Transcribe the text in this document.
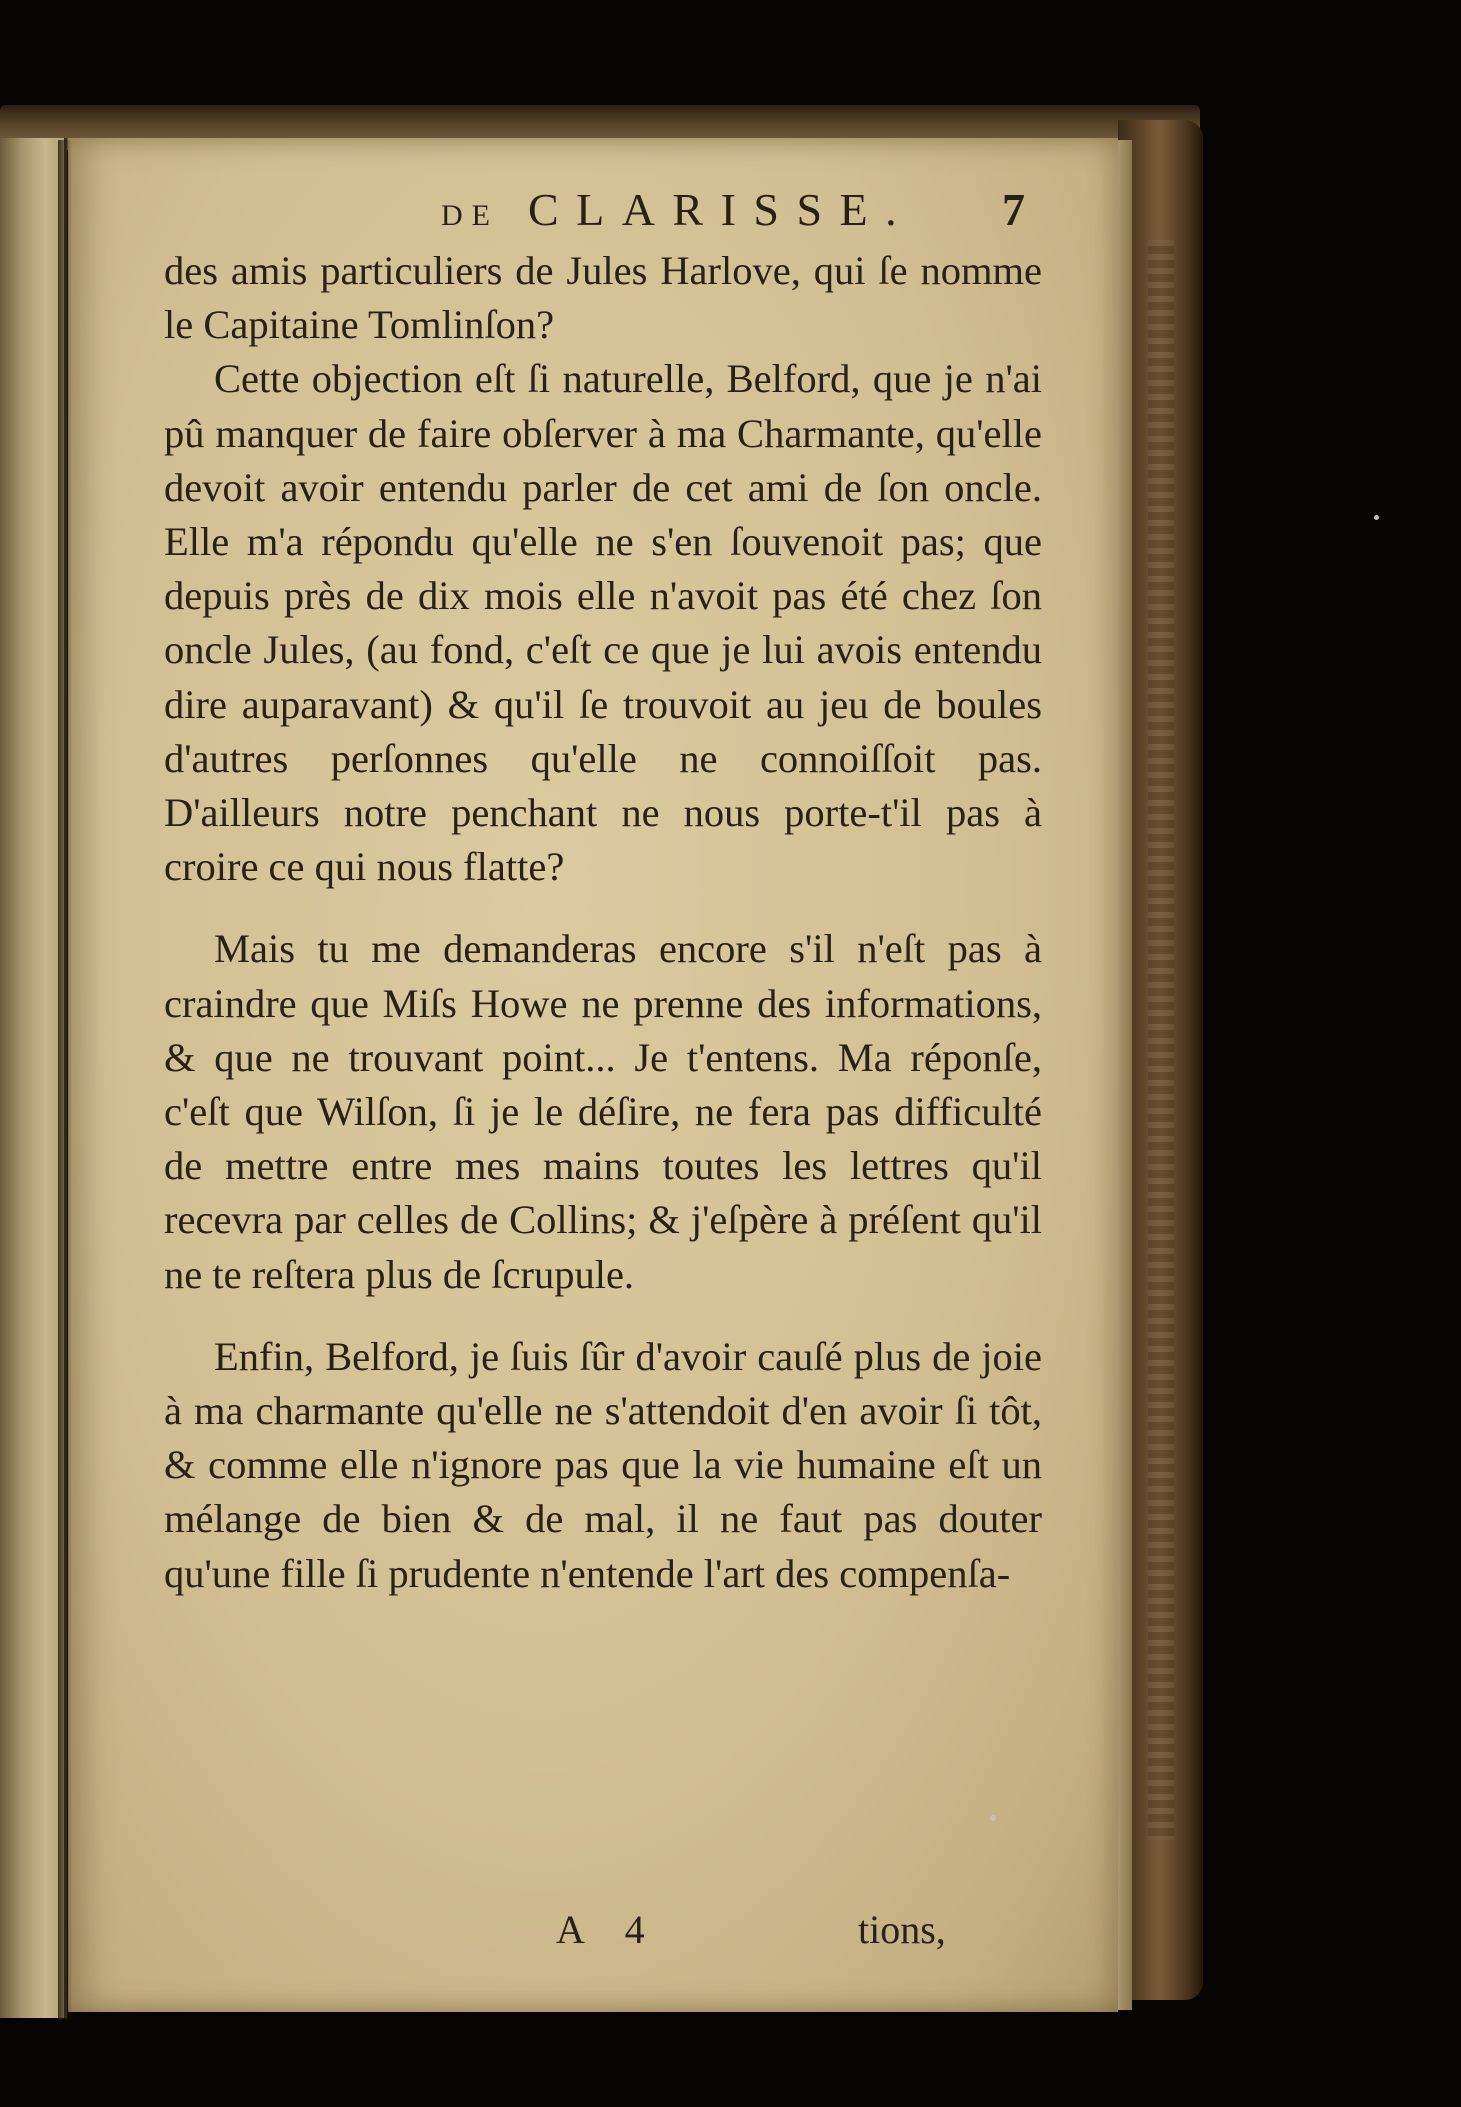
DE CLARISSE. 7

des amis particuliers de Jules Harlove, qui ſe nomme le Capitaine Tomlinſon?

Cette objection eſt ſi naturelle, Belford, que je n'ai pû manquer de faire obſerver à ma Charmante, qu'elle devoit avoir entendu parler de cet ami de ſon oncle. Elle m'a répondu qu'elle ne s'en ſouvenoit pas; que depuis près de dix mois elle n'avoit pas été chez ſon oncle Jules, (au fond, c'eſt ce que je lui avois entendu dire auparavant) & qu'il ſe trouvoit au jeu de boules d'autres perſonnes qu'elle ne connoiſſoit pas. D'ailleurs notre penchant ne nous porte-t'il pas à croire ce qui nous flatte?

Mais tu me demanderas encore s'il n'eſt pas à craindre que Miſs Howe ne prenne des informations, & que ne trouvant point... Je t'entens. Ma réponſe, c'eſt que Wilſon, ſi je le déſire, ne fera pas difficulté de mettre entre mes mains toutes les lettres qu'il recevra par celles de Collins; & j'eſpère à préſent qu'il ne te reſtera plus de ſcrupule.

Enfin, Belford, je ſuis ſûr d'avoir cauſé plus de joie à ma charmante qu'elle ne s'attendoit d'en avoir ſi tôt, & comme elle n'ignore pas que la vie humaine eſt un mélange de bien & de mal, il ne faut pas douter qu'une fille ſi prudente n'entende l'art des compenſa-

A 4	tions,
